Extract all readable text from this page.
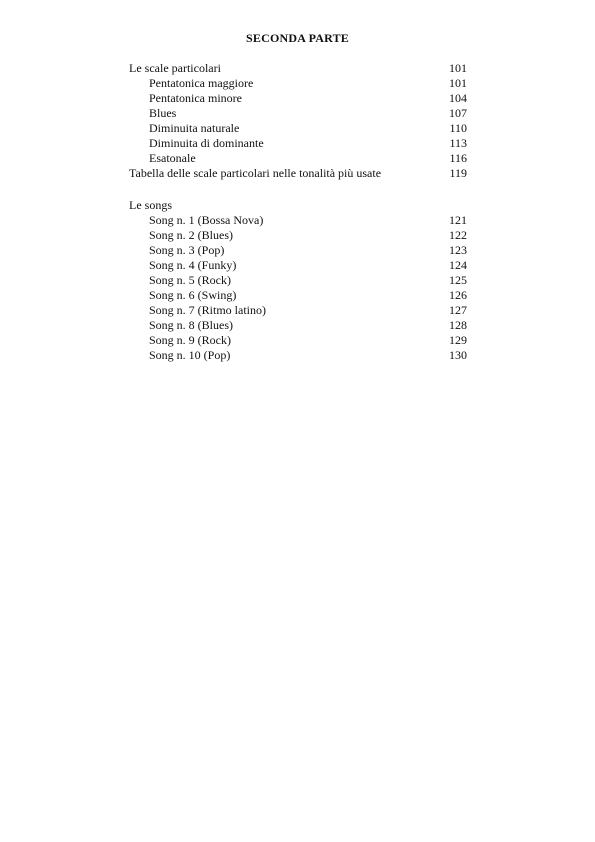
SECONDA PARTE
Le scale particolari	101
Pentatonica maggiore	101
Pentatonica minore	104
Blues	107
Diminuita naturale	110
Diminuita di dominante	113
Esatonale	116
Tabella delle scale particolari nelle tonalità più usate	119
Le songs
Song n. 1 (Bossa Nova)	121
Song n. 2 (Blues)	122
Song n. 3 (Pop)	123
Song n. 4 (Funky)	124
Song n. 5 (Rock)	125
Song n. 6 (Swing)	126
Song n. 7 (Ritmo latino)	127
Song n. 8 (Blues)	128
Song n. 9 (Rock)	129
Song n. 10 (Pop)	130
